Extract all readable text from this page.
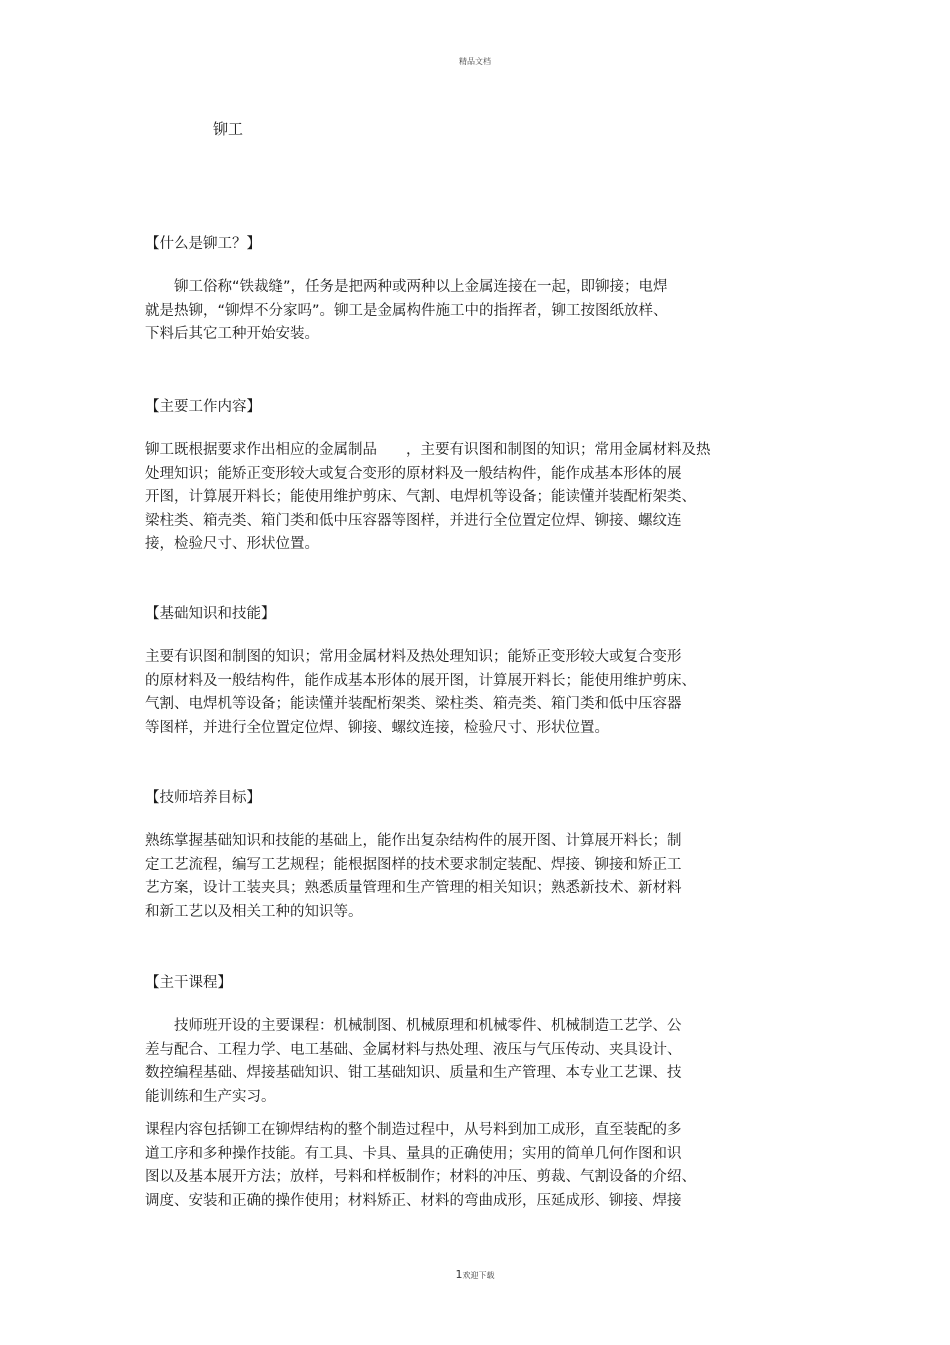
精品文档
铆工
【什么是铆工？】

　　铆工俗称“铁裁缝”，任务是把两种或两种以上金属连接在一起，即铆接；电焊
就是热铆，“铆焊不分家吗”。铆工是金属构件施工中的指挥者，铆工按图纸放样、
下料后其它工种开始安装。

【主要工作内容】

铆工既根据要求作出相应的金属制品　　，主要有识图和制图的知识；常用金属材料及热
处理知识；能矫正变形较大或复合变形的原材料及一般结构件，能作成基本形体的展
开图，计算展开料长；能使用维护剪床、气割、电焊机等设备；能读懂并装配桁架类、
梁柱类、箱壳类、箱门类和低中压容器等图样，并进行全位置定位焊、铆接、螺纹连
接，检验尺寸、形状位置。

【基础知识和技能】

主要有识图和制图的知识；常用金属材料及热处理知识；能矫正变形较大或复合变形
的原材料及一般结构件，能作成基本形体的展开图，计算展开料长；能使用维护剪床、
气割、电焊机等设备；能读懂并装配桁架类、梁柱类、箱壳类、箱门类和低中压容器
等图样，并进行全位置定位焊、铆接、螺纹连接，检验尺寸、形状位置。

【技师培养目标】

熟练掌握基础知识和技能的基础上，能作出复杂结构件的展开图、计算展开料长；制
定工艺流程，编写工艺规程；能根据图样的技术要求制定装配、焊接、铆接和矫正工
艺方案，设计工装夹具；熟悉质量管理和生产管理的相关知识；熟悉新技术、新材料
和新工艺以及相关工种的知识等。

【主干课程】

　　技师班开设的主要课程：机械制图、机械原理和机械零件、机械制造工艺学、公
差与配合、工程力学、电工基础、金属材料与热处理、液压与气压传动、夹具设计、
数控编程基础、焊接基础知识、钳工基础知识、质量和生产管理、本专业工艺课、技
能训练和生产实习。

课程内容包括铆工在铆焊结构的整个制造过程中，从号料到加工成形，直至装配的多
道工序和多种操作技能。有工具、卡具、量具的正确使用；实用的简单几何作图和识
图以及基本展开方法；放样，号料和样板制作；材料的冲压、剪裁、气割设备的介绍、
调度、安装和正确的操作使用；材料矫正、材料的弯曲成形，压延成形、铆接、焊接

1欢迎下载
